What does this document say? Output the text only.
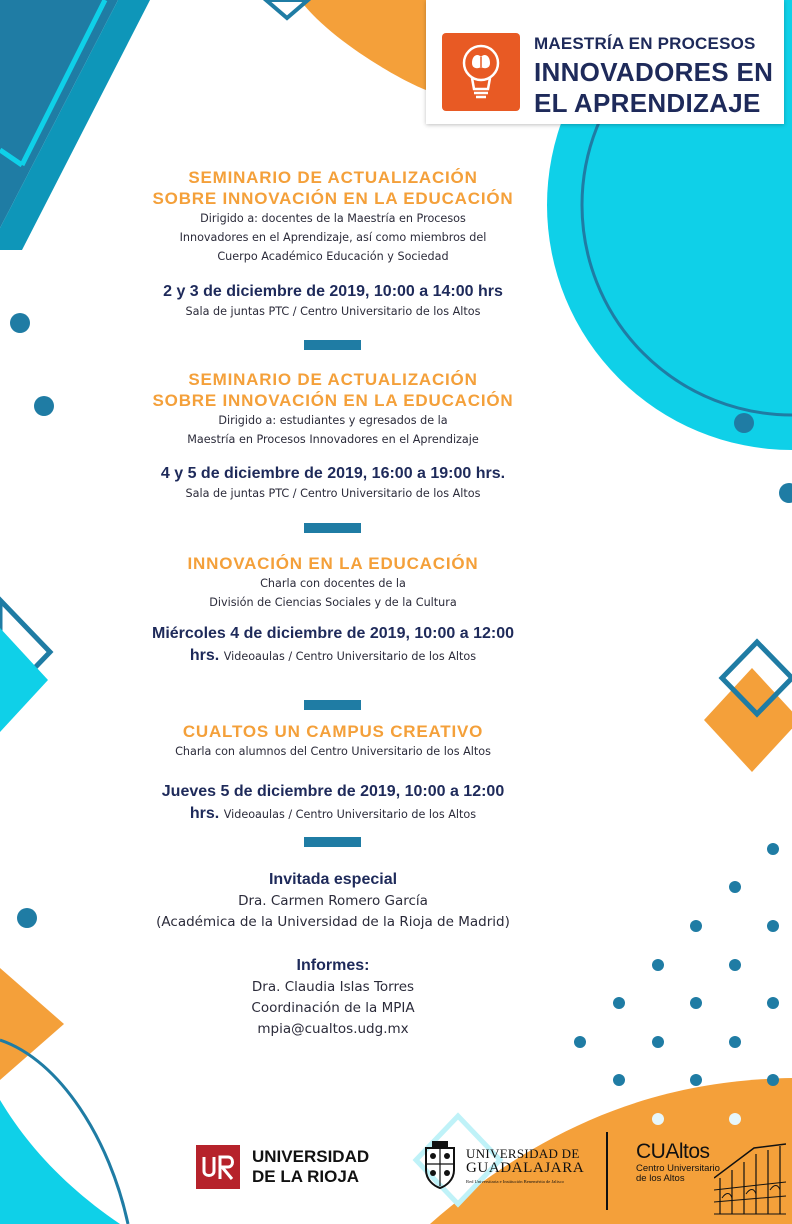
MAESTRÍA EN PROCESOS
INNOVADORES EN
EL APRENDIZAJE
SEMINARIO DE ACTUALIZACIÓN
SOBRE INNOVACIÓN EN LA EDUCACIÓN
Dirigido a: docentes de la Maestría en Procesos
Innovadores en el Aprendizaje, así como miembros del
Cuerpo Académico Educación y Sociedad
2 y 3 de diciembre de 2019, 10:00 a 14:00 hrs
Sala de juntas PTC / Centro Universitario de los Altos
SEMINARIO DE ACTUALIZACIÓN
SOBRE INNOVACIÓN EN LA EDUCACIÓN
Dirigido a: estudiantes y egresados de la
Maestría en Procesos Innovadores en el Aprendizaje
4 y 5 de diciembre de 2019, 16:00 a 19:00 hrs.
Sala de juntas PTC / Centro Universitario de los Altos
INNOVACIÓN EN LA EDUCACIÓN
Charla con docentes de la
División de Ciencias Sociales y de la Cultura
Miércoles 4 de diciembre de 2019, 10:00 a 12:00
hrs. Videoaulas / Centro Universitario de los Altos
CUALTOS UN CAMPUS CREATIVO
Charla con alumnos del Centro Universitario de los Altos
Jueves 5 de diciembre de 2019, 10:00 a 12:00
hrs. Videoaulas / Centro Universitario de los Altos
Invitada especial
Dra. Carmen Romero García
(Académica de la Universidad de la Rioja de Madrid)
Informes:
Dra. Claudia Islas Torres
Coordinación de la MPIA
mpia@cualtos.udg.mx
UNIVERSIDAD
DE LA RIOJA
UNIVERSIDAD DE
GUADALAJARA
Red Universitaria e Institución Benemérita de Jalisco
CUAltos
Centro Universitario
de los Altos
